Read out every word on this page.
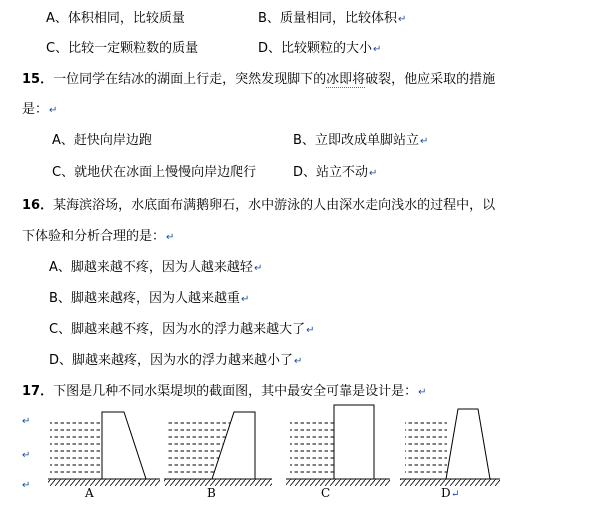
A、体积相同，比较质量	B、质量相同，比较体积↵
C、比较一定颗粒数的质量	D、比较颗粒的大小↵
15．一位同学在结冰的湖面上行走，突然发现脚下的冰即将破裂，他应采取的措施
是：↵
A、赶快向岸边跑	B、立即改成单脚站立↵
C、就地伏在冰面上慢慢向岸边爬行	D、站立不动↵
16．某海滨浴场，水底面布满鹅卵石，水中游泳的人由深水走向浅水的过程中，以
下体验和分析合理的是：↵
A、脚越来越不疼，因为人越来越轻↵
B、脚越来越疼，因为人越来越重↵
C、脚越来越不疼，因为水的浮力越来越大了↵
D、脚越来越疼，因为水的浮力越来越小了↵
17．下图是几种不同水渠堤坝的截面图，其中最安全可靠是设计是：↵
↵
↵
↵
A	B	C	D ↵
